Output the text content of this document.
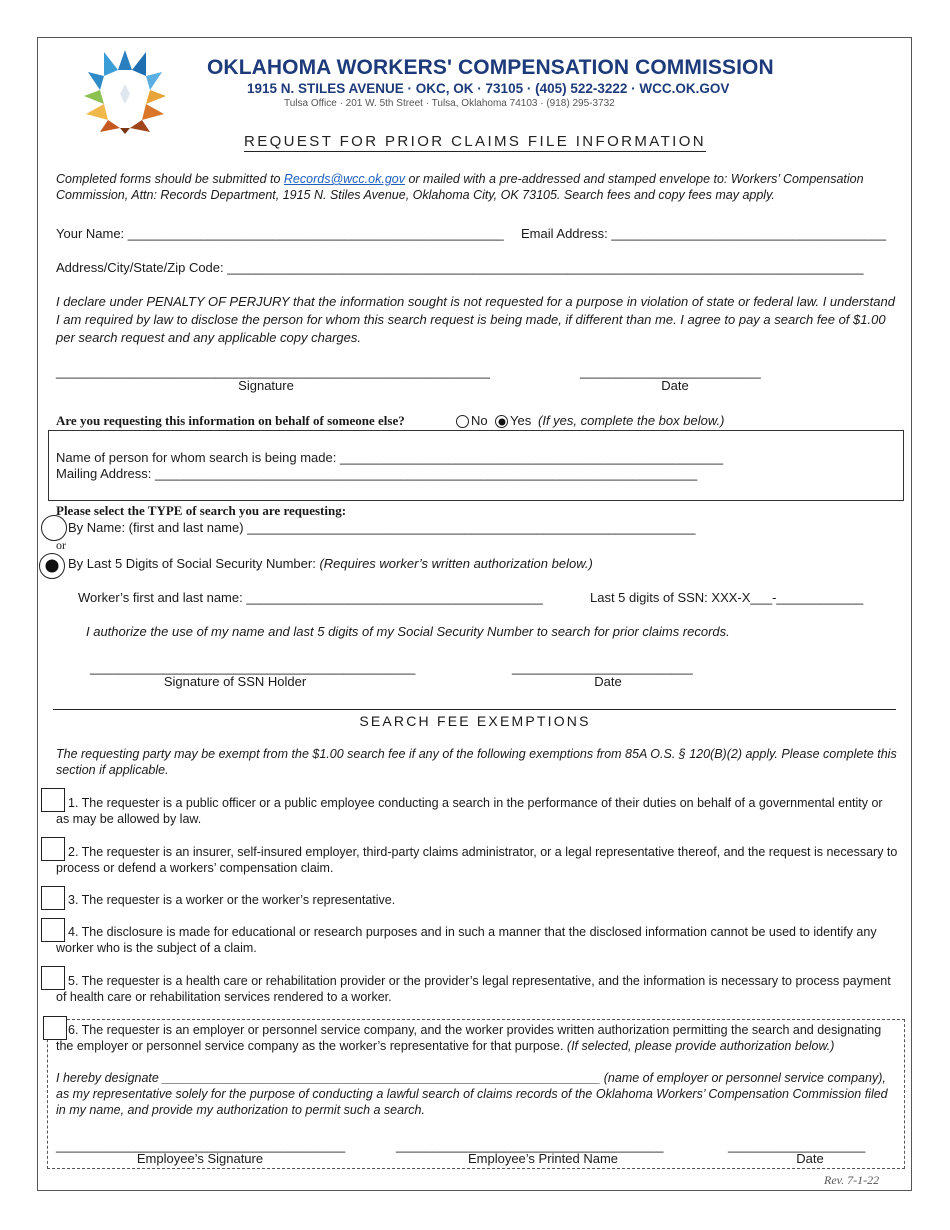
OKLAHOMA WORKERS' COMPENSATION COMMISSION
1915 N. STILES AVENUE · OKC, OK · 73105 · (405) 522-3222 · WCC.OK.GOV
Tulsa Office · 201 W. 5th Street · Tulsa, Oklahoma 74103 · (918) 295-3732
REQUEST FOR PRIOR CLAIMS FILE INFORMATION
Completed forms should be submitted to Records@wcc.ok.gov or mailed with a pre-addressed and stamped envelope to: Workers’ Compensation Commission, Attn: Records Department, 1915 N. Stiles Avenue, Oklahoma City, OK 73105. Search fees and copy fees may apply.
Your Name: ____________________________________________________ Email Address: ______________________________________
Address/City/State/Zip Code: ________________________________________________________________________________________
I declare under PENALTY OF PERJURY that the information sought is not requested for a purpose in violation of state or federal law. I understand I am required by law to disclose the person for whom this search request is being made, if different than me. I agree to pay a search fee of $1.00 per search request and any applicable copy charges.
____________________________________________________________	_________________________
Signature	Date
Are you requesting this information on behalf of someone else?	No Yes (If yes, complete the box below.)
Name of person for whom search is being made: _____________________________________________________
Mailing Address: ___________________________________________________________________________
Please select the TYPE of search you are requesting:
By Name: (first and last name) ______________________________________________________________
or
By Last 5 Digits of Social Security Number: (Requires worker’s written authorization below.)
Worker’s first and last name: _________________________________________	Last 5 digits of SSN: XXX-X___-____________
I authorize the use of my name and last 5 digits of my Social Security Number to search for prior claims records.
_____________________________________________	_________________________
Signature of SSN Holder	Date
SEARCH FEE EXEMPTIONS
The requesting party may be exempt from the $1.00 search fee if any of the following exemptions from 85A O.S. § 120(B)(2) apply. Please complete this section if applicable.
1. The requester is a public officer or a public employee conducting a search in the performance of their duties on behalf of a governmental entity or as may be allowed by law.
2. The requester is an insurer, self-insured employer, third-party claims administrator, or a legal representative thereof, and the request is necessary to process or defend a workers’ compensation claim.
3. The requester is a worker or the worker’s representative.
4. The disclosure is made for educational or research purposes and in such a manner that the disclosed information cannot be used to identify any worker who is the subject of a claim.
5. The requester is a health care or rehabilitation provider or the provider’s legal representative, and the information is necessary to process payment of health care or rehabilitation services rendered to a worker.
6. The requester is an employer or personnel service company, and the worker provides written authorization permitting the search and designating the employer or personnel service company as the worker’s representative for that purpose. (If selected, please provide authorization below.)
I hereby designate _______________________________________________________________ (name of employer or personnel service company), as my representative solely for the purpose of conducting a lawful search of claims records of the Oklahoma Workers’ Compensation Commission filed in my name, and provide my authorization to permit such a search.
________________________________________	_____________________________________	___________________
Employee’s Signature	Employee’s Printed Name	Date
Rev. 7-1-22
